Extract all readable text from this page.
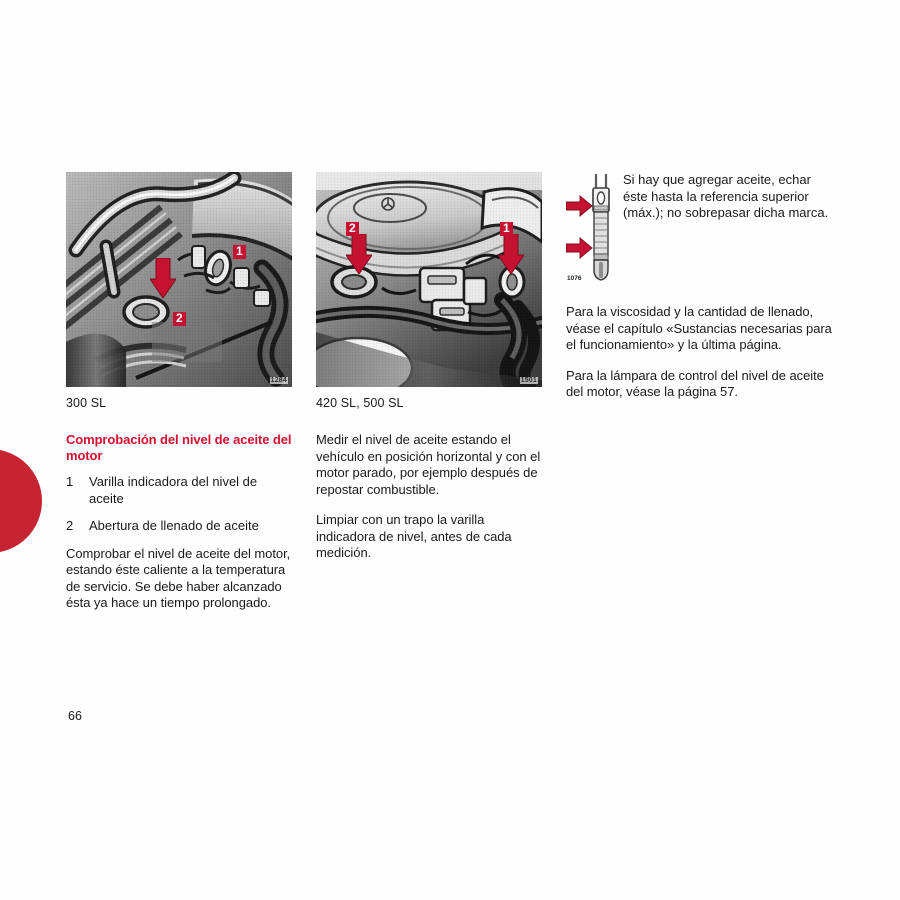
2
1
1284
300 SL
Comprobación del nivel de aceite del motor
1	Varilla indicadora del nivel de aceite
2	Abertura de llenado de aceite

Comprobar el nivel de aceite del motor, estando éste caliente a la temperatura de servicio. Se debe haber alcanzado ésta ya hace un tiempo prolongado.

2	1
1501
420 SL, 500 SL

Medir el nivel de aceite estando el vehículo en posición horizontal y con el motor parado, por ejemplo después de repostar combustible.

Limpiar con un trapo la varilla indicadora de nivel, antes de cada medición.

1076
Si hay que agregar aceite, echar éste hasta la referencia superior (máx.); no sobrepasar dicha marca.

Para la viscosidad y la cantidad de llenado, véase el capítulo «Sustancias necesarias para el funcionamiento» y la última página.

Para la lámpara de control del nivel de aceite del motor, véase la página 57.

66
